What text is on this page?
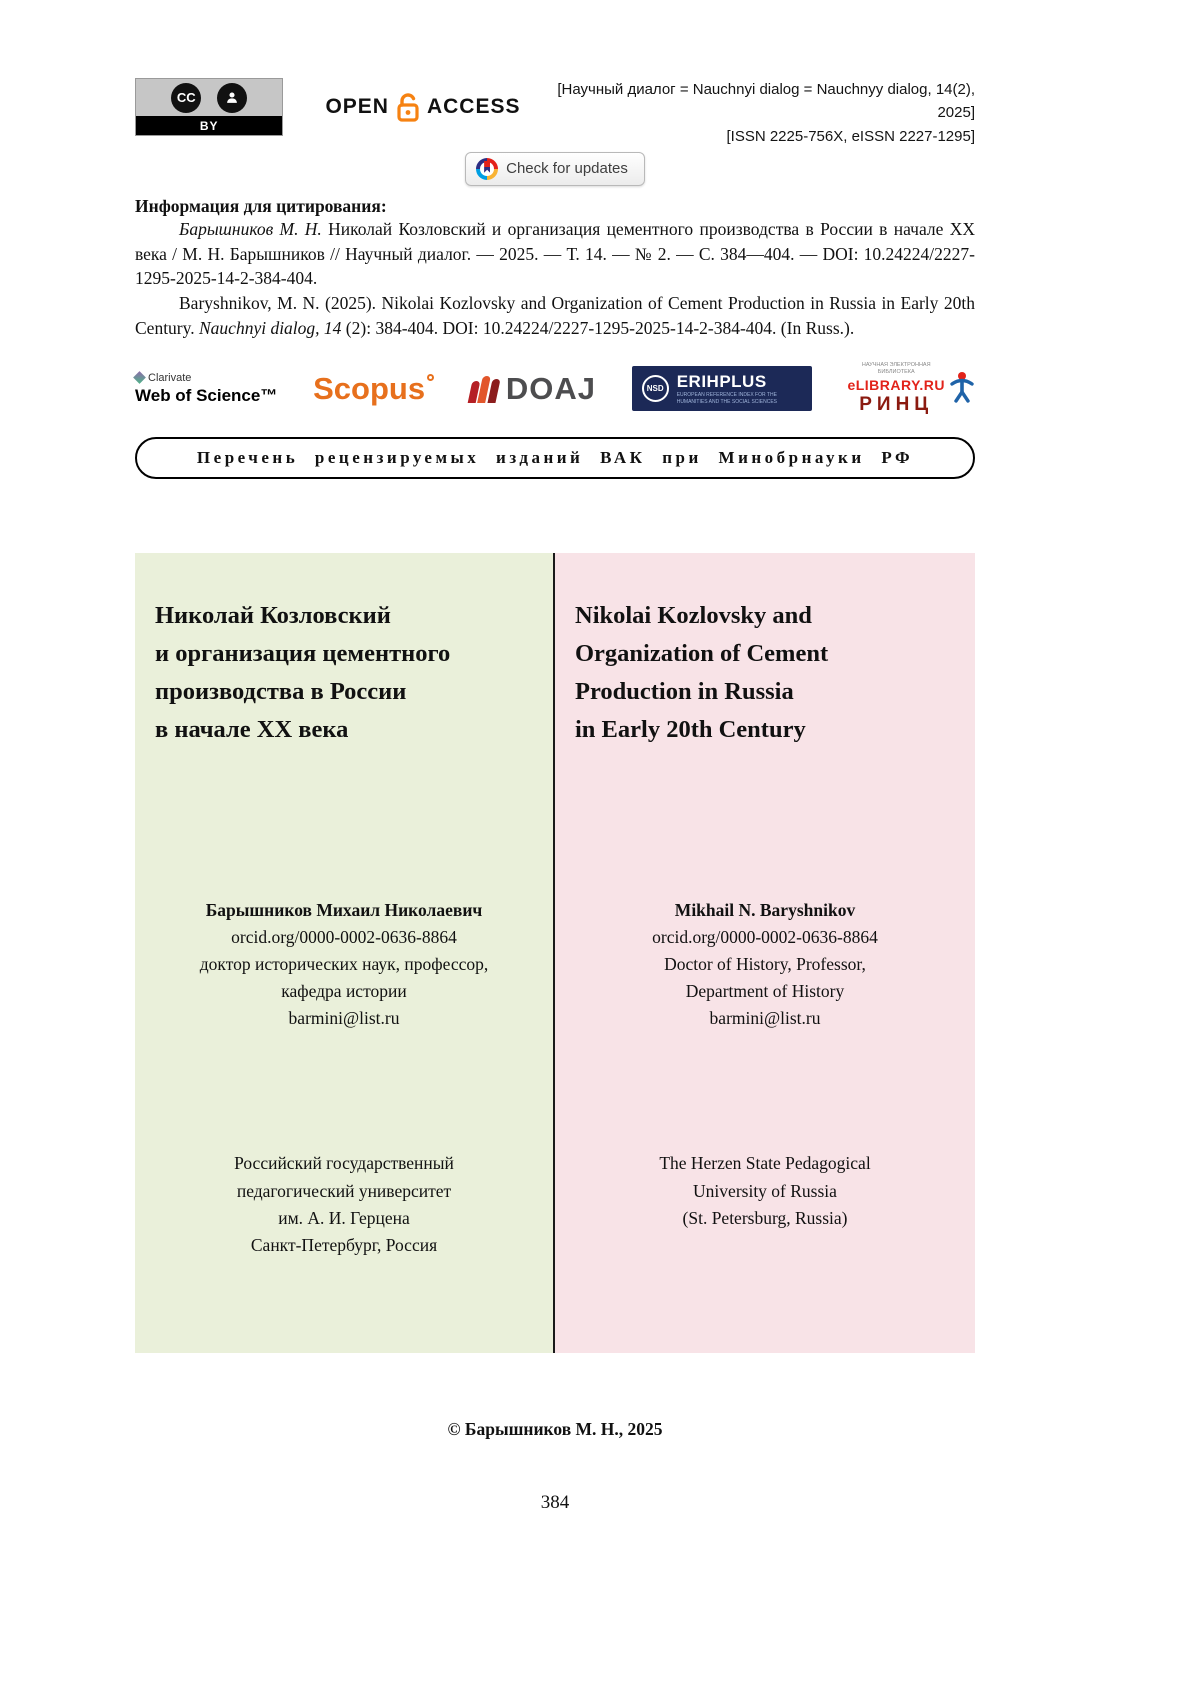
CC
BY
OPEN ACCESS
[Научный диалог = Nauchnyi dialog = Nauchnyy dialog, 14(2), 2025]
[ISSN 2225-756X, eISSN 2227-1295]
Check for updates
Информация для цитирования:

Барышников М. Н. Николай Козловский и организация цементного производства в России в начале XX века / М. Н. Барышников // Научный диалог. — 2025. — Т. 14. — № 2. — С. 384—404. — DOI: 10.24224/2227-1295-2025-14-2-384-404.

Baryshnikov, M. N. (2025). Nikolai Kozlovsky and Organization of Cement Production in Russia in Early 20th Century. Nauchnyi dialog, 14 (2): 384-404. DOI: 10.24224/2227-1295-2025-14-2-384-404. (In Russ.).

Clarivate
Web of Science™ Scopus	DOAJ	NSD ERIHPLUS
EUROPEAN REFERENCE INDEX FOR THE HUMANITIES AND THE SOCIAL SCIENCES
НАУЧНАЯ ЭЛЕКТРОННАЯ БИБЛИОТЕКА
eLIBRARY.RU
РИНЦ
Перечень рецензируемых изданий ВАК при Минобрнауки РФ
Николай Козловский
и организация цементного
производства в России
в начале XX века
Барышников Михаил Николаевич
orcid.org/0000-0002-0636-8864
доктор исторических наук, профессор,
кафедра истории
barmini@list.ru
Российский государственный
педагогический университет
им. А. И. Герцена
Санкт-Петербург, Россия
Nikolai Kozlovsky and
Organization of Cement
Production in Russia
in Early 20th Century
Mikhail N. Baryshnikov
orcid.org/0000-0002-0636-8864
Doctor of History, Professor,
Department of History
barmini@list.ru
The Herzen State Pedagogical
University of Russia
(St. Petersburg, Russia)
© Барышников М. Н., 2025
384
